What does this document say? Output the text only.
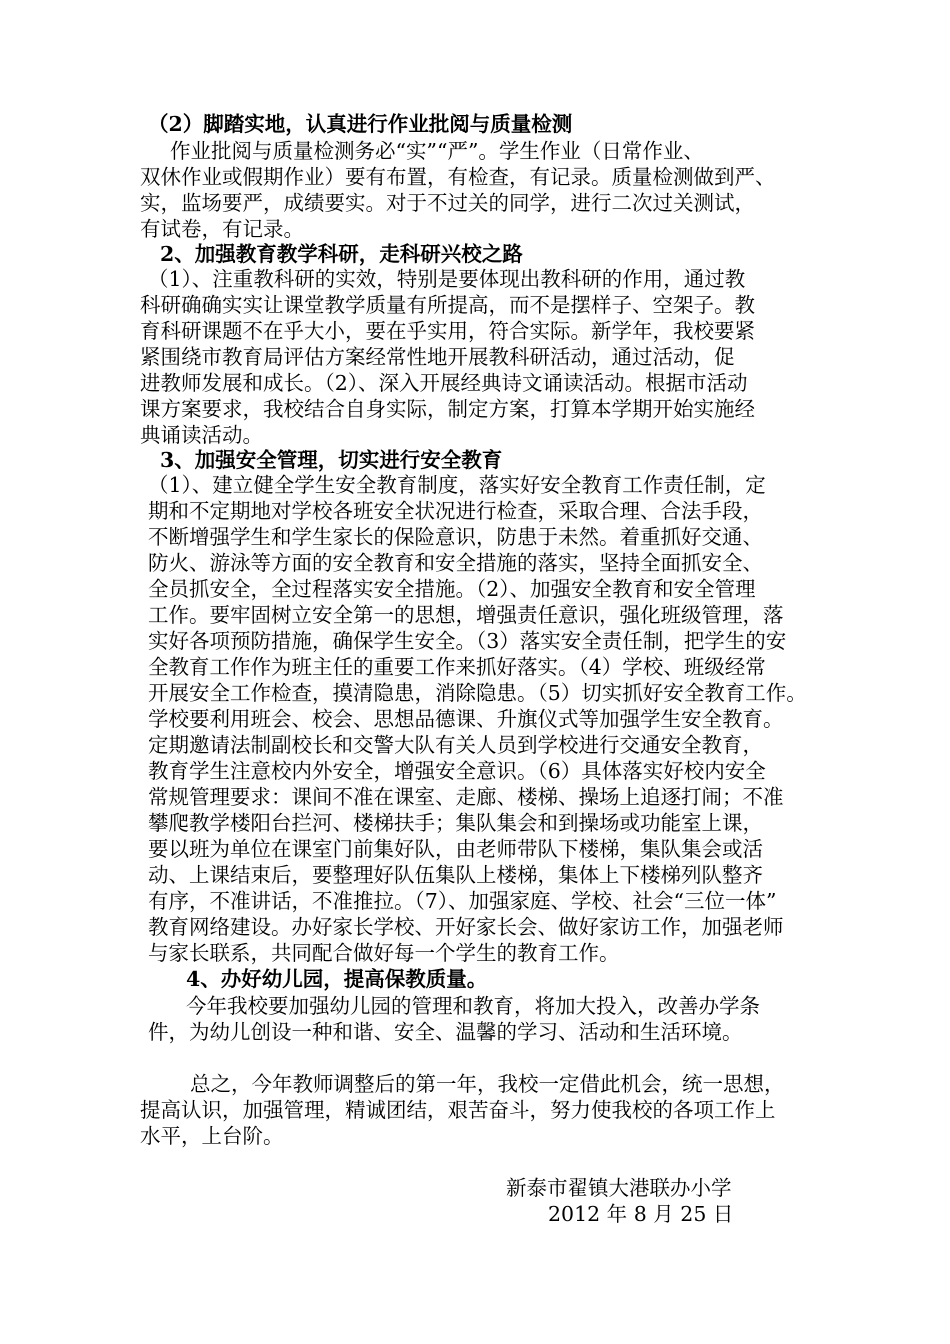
（2）脚踏实地，认真进行作业批阅与质量检测
作业批阅与质量检测务必“实”“严”。学生作业（日常作业、
双休作业或假期作业）要有布置，有检查，有记录。质量检测做到严、
实，监场要严，成绩要实。对于不过关的同学，进行二次过关测试，
有试卷，有记录。
2、加强教育教学科研，走科研兴校之路
（1）、注重教科研的实效，特别是要体现出教科研的作用，通过教
科研确确实实让课堂教学质量有所提高，而不是摆样子、空架子。教
育科研课题不在乎大小，要在乎实用，符合实际。新学年，我校要紧
紧围绕市教育局评估方案经常性地开展教科研活动，通过活动，促
进教师发展和成长。（2）、深入开展经典诗文诵读活动。根据市活动
课方案要求，我校结合自身实际，制定方案，打算本学期开始实施经
典诵读活动。
3、加强安全管理，切实进行安全教育
（1）、建立健全学生安全教育制度，落实好安全教育工作责任制，定
期和不定期地对学校各班安全状况进行检查，采取合理、合法手段，
不断增强学生和学生家长的保险意识，防患于未然。着重抓好交通、
防火、游泳等方面的安全教育和安全措施的落实，坚持全面抓安全、
全员抓安全，全过程落实安全措施。（2）、加强安全教育和安全管理
工作。要牢固树立安全第一的思想，增强责任意识，强化班级管理，落
实好各项预防措施，确保学生安全。（3）落实安全责任制，把学生的安
全教育工作作为班主任的重要工作来抓好落实。（4）学校、班级经常
开展安全工作检查，摸清隐患，消除隐患。（5）切实抓好安全教育工作。
学校要利用班会、校会、思想品德课、升旗仪式等加强学生安全教育。
定期邀请法制副校长和交警大队有关人员到学校进行交通安全教育，
教育学生注意校内外安全，增强安全意识。（6）具体落实好校内安全
常规管理要求：课间不准在课室、走廊、楼梯、操场上追逐打闹；不准
攀爬教学楼阳台拦河、楼梯扶手；集队集会和到操场或功能室上课，
要以班为单位在课室门前集好队，由老师带队下楼梯，集队集会或活
动、上课结束后，要整理好队伍集队上楼梯，集体上下楼梯列队整齐
有序，不准讲话，不准推拉。（7）、加强家庭、学校、社会“三位一体”
教育网络建设。办好家长学校、开好家长会、做好家访工作，加强老师
与家长联系，共同配合做好每一个学生的教育工作。
4、办好幼儿园，提高保教质量。
今年我校要加强幼儿园的管理和教育，将加大投入，改善办学条
件，为幼儿创设一种和谐、安全、温馨的学习、活动和生活环境。
总之，今年教师调整后的第一年，我校一定借此机会，统一思想，
提高认识，加强管理，精诚团结，艰苦奋斗，努力使我校的各项工作上
水平，上台阶。
新泰市翟镇大港联办小学
2012 年 8 月 25 日
